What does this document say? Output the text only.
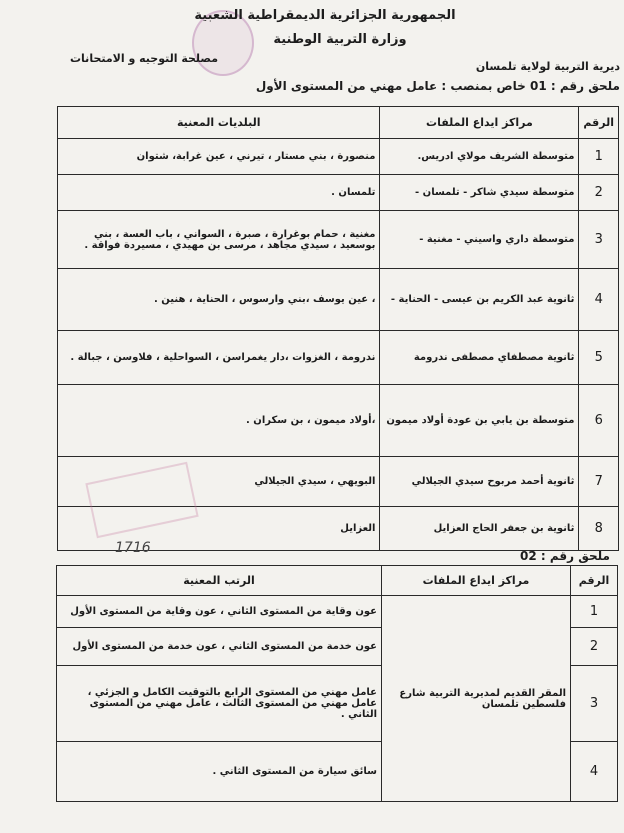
الجمهورية الجزائرية الديمقراطية الشعبية
وزارة التربية الوطنية
مصلحة التوجيه و الامتحانات
ديرية التربية لولاية تلمسان
ملحق رقم : 01 خاص بمنصب : عامل مهني من المستوى الأول
الرقم	مراكز ايداع الملفات	البلديات المعنية
1	متوسطة الشريف مولاي ادريس.	منصورة ، بني مستار ، تيرني ، عين غرابة، شتوان
2	متوسطة سيدي شاكر - تلمسان -	تلمسان .
3	متوسطة داري واسيني - مغنية -	مغنية ، حمام بوغرارة ، صبرة ، السواني ، باب العسة ، بني بوسعيد ، سيدي مجاهد ، مرسى بن مهيدي ، مسيردة فواقة .
4	ثانوية عبد الكريم بن عيسى - الحناية -	، عين يوسف ،بني وارسوس ، الحناية ، هنين .
5	ثانوية مصطفاي مصطفى ندرومة	ندرومة ، الغزوات ،دار يغمراسن ، السواحلية ، فلاوسن ، جبالة .
6	متوسطة بن يابي بن عودة أولاد ميمون	،أولاد ميمون ، بن سكران .
7	ثانوية أحمد مربوح سيدي الجيلالي	البويهي ، سيدي الجيلالي
8	ثانوية بن جعفر الحاج العزايل	العزايل
​
1716	ملحق رقم : 02
الرقم	مراكز ايداع الملفات	الرتب المعنية
1	المقر القديم لمديرية التربية شارع فلسطين تلمسان	عون وقاية من المستوى الثاني ، عون وقاية من المستوى الأول
2		عون خدمة من المستوى الثاني ، عون خدمة من المستوى الأول
3		عامل مهني من المستوى الرابع بالتوقيت الكامل و الجزئي ، عامل مهني من المستوى الثالث ، عامل مهني من المستوى الثاني .
4		سائق سيارة من المستوى الثاني .
